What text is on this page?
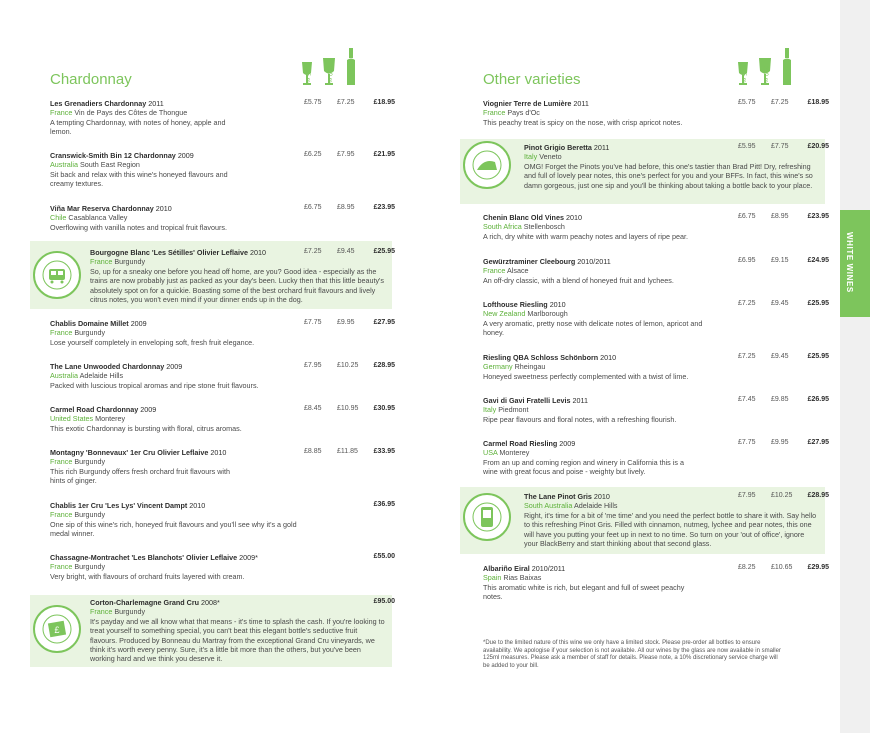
WHITE WINES
Chardonnay	Other varieties
175 ml	250 ml	750 ml	175 ml	250 ml	750 ml
Les Grenadiers Chardonnay 2011
France Vin de Pays des Côtes de Thongue
A tempting Chardonnay, with notes of honey, apple and lemon.
£5.75	£7.25	£18.95
Cranswick-Smith Bin 12 Chardonnay 2009
Australia South East Region
Sit back and relax with this wine's honeyed flavours and creamy textures.
£6.25	£7.95	£21.95
Viña Mar Reserva Chardonnay 2010
Chile Casablanca Valley
Overflowing with vanilla notes and tropical fruit flavours.
£6.75	£8.95	£23.95
Bourgogne Blanc 'Les Sétilles' Olivier Leflaive 2010
France Burgundy
So, up for a sneaky one before you head off home, are you? Good idea - especially as the trains are now probably just as packed as your day's been. Lucky then that this little beauty's absolutely spot on for a quickie. Boasting some of the best orchard fruit flavours and lively citrus notes, you won't even mind if your dinner ends up in the dog.
£7.25	£9.45	£25.95
Chablis Domaine Millet 2009
France Burgundy
Lose yourself completely in enveloping soft, fresh fruit elegance.
£7.75	£9.95	£27.95
The Lane Unwooded Chardonnay 2009
Australia Adelaide Hills
Packed with luscious tropical aromas and ripe stone fruit flavours.
£7.95	£10.25	£28.95
Carmel Road Chardonnay 2009
United States Monterey
This exotic Chardonnay is bursting with floral, citrus aromas.
£8.45	£10.95	£30.95
Montagny 'Bonnevaux' 1er Cru Olivier Leflaive 2010
France Burgundy
This rich Burgundy offers fresh orchard fruit flavours with hints of ginger.
£8.85	£11.85	£33.95
Chablis 1er Cru 'Les Lys' Vincent Dampt 2010
France Burgundy
One sip of this wine's rich, honeyed fruit flavours and you'll see why it's a gold medal winner.
£36.95
Chassagne-Montrachet 'Les Blanchots' Olivier Leflaive 2009*
France Burgundy
Very bright, with flavours of orchard fruits layered with cream.
£55.00
Corton-Charlemagne Grand Cru 2008*
France Burgundy
It's payday and we all know what that means - it's time to splash the cash. If you're looking to treat yourself to something special, you can't beat this elegant bottle's seductive fruit flavours. Produced by Bonneau du Martray from the exceptional Grand Cru vineyards, we think it's worth every penny. Sure, it's a little bit more than the others, but you've been working hard and we think you deserve it.
£95.00
Viognier Terre de Lumière 2011
France Pays d'Oc
This peachy treat is spicy on the nose, with crisp apricot notes.
£5.75	£7.25	£18.95
Pinot Grigio Beretta 2011
Italy Veneto
OMG! Forget the Pinots you've had before, this one's tastier than Brad Pitt! Dry, refreshing and full of lovely pear notes, this one's perfect for you and your BFFs. In fact, this wine's so damn gorgeous, just one sip and you'll be thinking about taking a bottle back to your place.
£5.95	£7.75	£20.95
Chenin Blanc Old Vines 2010
South Africa Stellenbosch
A rich, dry white with warm peachy notes and layers of ripe pear.
£6.75	£8.95	£23.95
Gewürztraminer Cleebourg 2010/2011
France Alsace
An off-dry classic, with a blend of honeyed fruit and lychees.
£6.95	£9.15	£24.95
Lofthouse Riesling 2010
New Zealand Marlborough
A very aromatic, pretty nose with delicate notes of lemon, apricot and honey.
£7.25	£9.45	£25.95
Riesling QBA Schloss Schönborn 2010
Germany Rheingau
Honeyed sweetness perfectly complemented with a twist of lime.
£7.25	£9.45	£25.95
Gavi di Gavi Fratelli Levis 2011
Italy Piedmont
Ripe pear flavours and floral notes, with a refreshing flourish.
£7.45	£9.85	£26.95
Carmel Road Riesling 2009
USA Monterey
From an up and coming region and winery in California this is a wine with great focus and poise - weighty but lively.
£7.75	£9.95	£27.95
The Lane Pinot Gris 2010
South Australia Adelaide Hills
Right, it's time for a bit of 'me time' and you need the perfect bottle to share it with. Say hello to this refreshing Pinot Gris. Filled with cinnamon, nutmeg, lychee and pear notes, this one will have you putting your feet up in next to no time. So turn on your 'out of office', ignore your BlackBerry and start thinking about that second glass.
£7.95	£10.25	£28.95
Albariño Eiral 2010/2011
Spain Rias Baixas
This aromatic white is rich, but elegant and full of sweet peachy notes.
£8.25	£10.65	£29.95
£
*Due to the limited nature of this wine we only have a limited stock. Please pre-order all bottles to ensure availability. We apologise if your selection is not available. All our wines by the glass are now available in smaller 125ml measures. Please ask a member of staff for details. Please note, a 10% discretionary service charge will be added to your bill.
